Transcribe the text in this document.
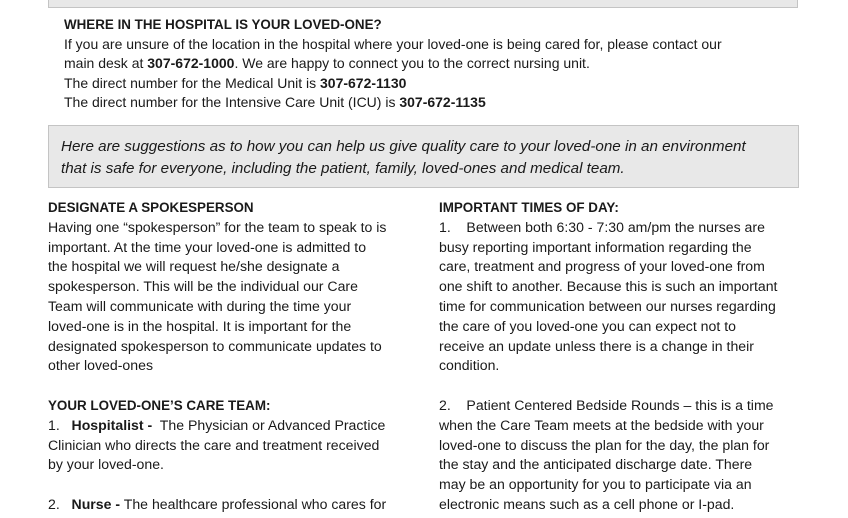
WHERE IN THE HOSPITAL IS YOUR LOVED-ONE?
If you are unsure of the location in the hospital where your loved-one is being cared for, please contact our
main desk at 307-672-1000. We are happy to connect you to the correct nursing unit.
The direct number for the Medical Unit is 307-672-1130
The direct number for the Intensive Care Unit (ICU) is 307-672-1135
Here are suggestions as to how you can help us give quality care to your loved-one in an environment
that is safe for everyone, including the patient, family, loved-ones and medical team.
DESIGNATE A SPOKESPERSON
Having one “spokesperson” for the team to speak to is
important. At the time your loved-one is admitted to
the hospital we will request he/she designate a
spokesperson. This will be the individual our Care
Team will communicate with during the time your
loved-one is in the hospital. It is important for the
designated spokesperson to communicate updates to
other loved-ones
YOUR LOVED-ONE’S CARE TEAM:
1.   Hospitalist -  The Physician or Advanced Practice
Clinician who directs the care and treatment received
by your loved-one.
2.   Nurse - The healthcare professional who cares for
IMPORTANT TIMES OF DAY:
1.    Between both 6:30 - 7:30 am/pm the nurses are
busy reporting important information regarding the
care, treatment and progress of your loved-one from
one shift to another. Because this is such an important
time for communication between our nurses regarding
the care of you loved-one you can expect not to
receive an update unless there is a change in their
condition.
2.    Patient Centered Bedside Rounds – this is a time
when the Care Team meets at the bedside with your
loved-one to discuss the plan for the day, the plan for
the stay and the anticipated discharge date. There
may be an opportunity for you to participate via an
electronic means such as a cell phone or I-pad.
